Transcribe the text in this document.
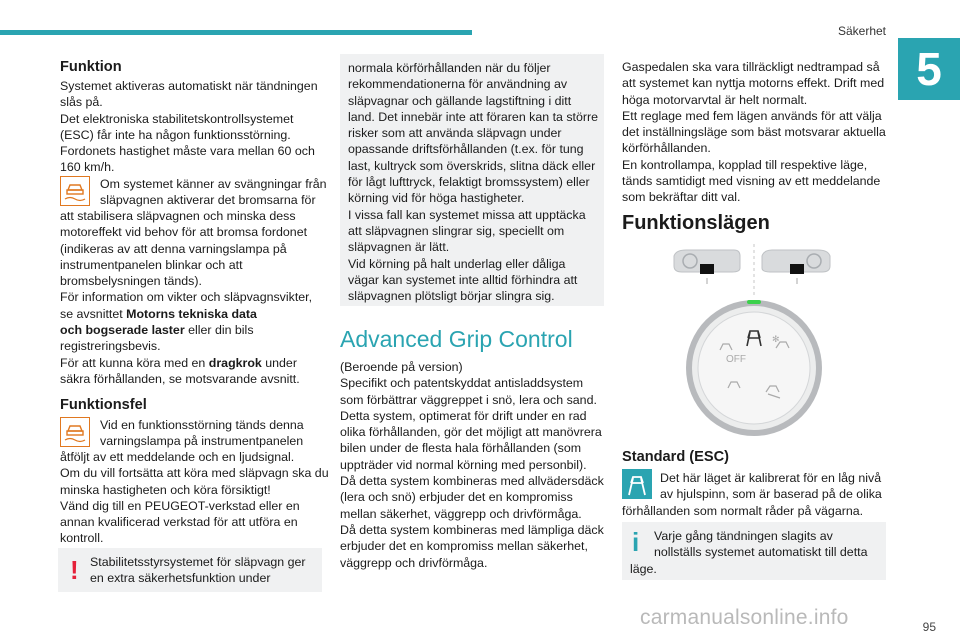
Säkerhet
5

Funktion

Systemet aktiveras automatiskt när tändningen

slås på.

Det elektroniska stabilitetskontrollsystemet

(ESC) får inte ha någon funktionsstörning.

Fordonets hastighet måste vara mellan 60 och

160 km/h.

Om systemet känner av svängningar från

släpvagnen aktiverar det bromsarna för

att stabilisera släpvagnen och minska dess

motoreffekt vid behov för att bromsa fordonet

(indikeras av att denna varningslampa på

instrumentpanelen blinkar och att

bromsbelysningen tänds).

För information om vikter och släpvagnsvikter,

se avsnittet Motorns tekniska data

och bogserade laster eller din bils

registreringsbevis.

För att kunna köra med en dragkrok under

säkra förhållanden, se motsvarande avsnitt.

Funktionsfel

Vid en funktionsstörning tänds denna

varningslampa på instrumentpanelen

åtföljt av ett meddelande och en ljudsignal.

Om du vill fortsätta att köra med släpvagn ska du

minska hastigheten och köra försiktigt!

Vänd dig till en PEUGEOT-verkstad eller en

annan kvalificerad verkstad för att utföra en

kontroll.

! Stabilitetsstyrsystemet för släpvagn ger

en extra säkerhetsfunktion under

normala körförhållanden när du följer

rekommendationerna för användning av

släpvagnar och gällande lagstiftning i ditt

land. Det innebär inte att föraren kan ta större

risker som att använda släpvagn under

opassande driftsförhållanden (t.ex. för tung

last, kultryck som överskrids, slitna däck eller

för lågt lufttryck, felaktigt bromssystem) eller

körning vid för höga hastigheter.

I vissa fall kan systemet missa att upptäcka

att släpvagnen slingrar sig, speciellt om

släpvagnen är lätt.

Vid körning på halt underlag eller dåliga

vägar kan systemet inte alltid förhindra att

släpvagnen plötsligt börjar slingra sig.

Advanced Grip Control

(Beroende på version)

Specifikt och patentskyddat antisladdsystem

som förbättrar väggreppet i snö, lera och sand.

Detta system, optimerat för drift under en rad

olika förhållanden, gör det möjligt att manövrera

bilen under de flesta hala förhållanden (som

uppträder vid normal körning med personbil).

Då detta system kombineras med allvädersdäck

(lera och snö) erbjuder det en kompromiss

mellan säkerhet, väggrepp och drivförmåga.

Då detta system kombineras med lämpliga däck

erbjuder det en kompromiss mellan säkerhet,

väggrepp och drivförmåga.

Gaspedalen ska vara tillräckligt nedtrampad så

att systemet kan nyttja motorns effekt. Drift med

höga motorvarvtal är helt normalt.

Ett reglage med fem lägen används för att välja

det inställningsläge som bäst motsvarar aktuella

körförhållanden.

En kontrollampa, kopplad till respektive läge,

tänds samtidigt med visning av ett meddelande

som bekräftar ditt val.

Funktionslägen

OFF
✻

Standard (ESC)

Det här läget är kalibrerat för en låg nivå

av hjulspinn, som är baserad på de olika

förhållanden som normalt råder på vägarna.

i	Varje gång tändningen slagits av

nollställs systemet automatiskt till detta

läge.

95
carmanualsonline.info
